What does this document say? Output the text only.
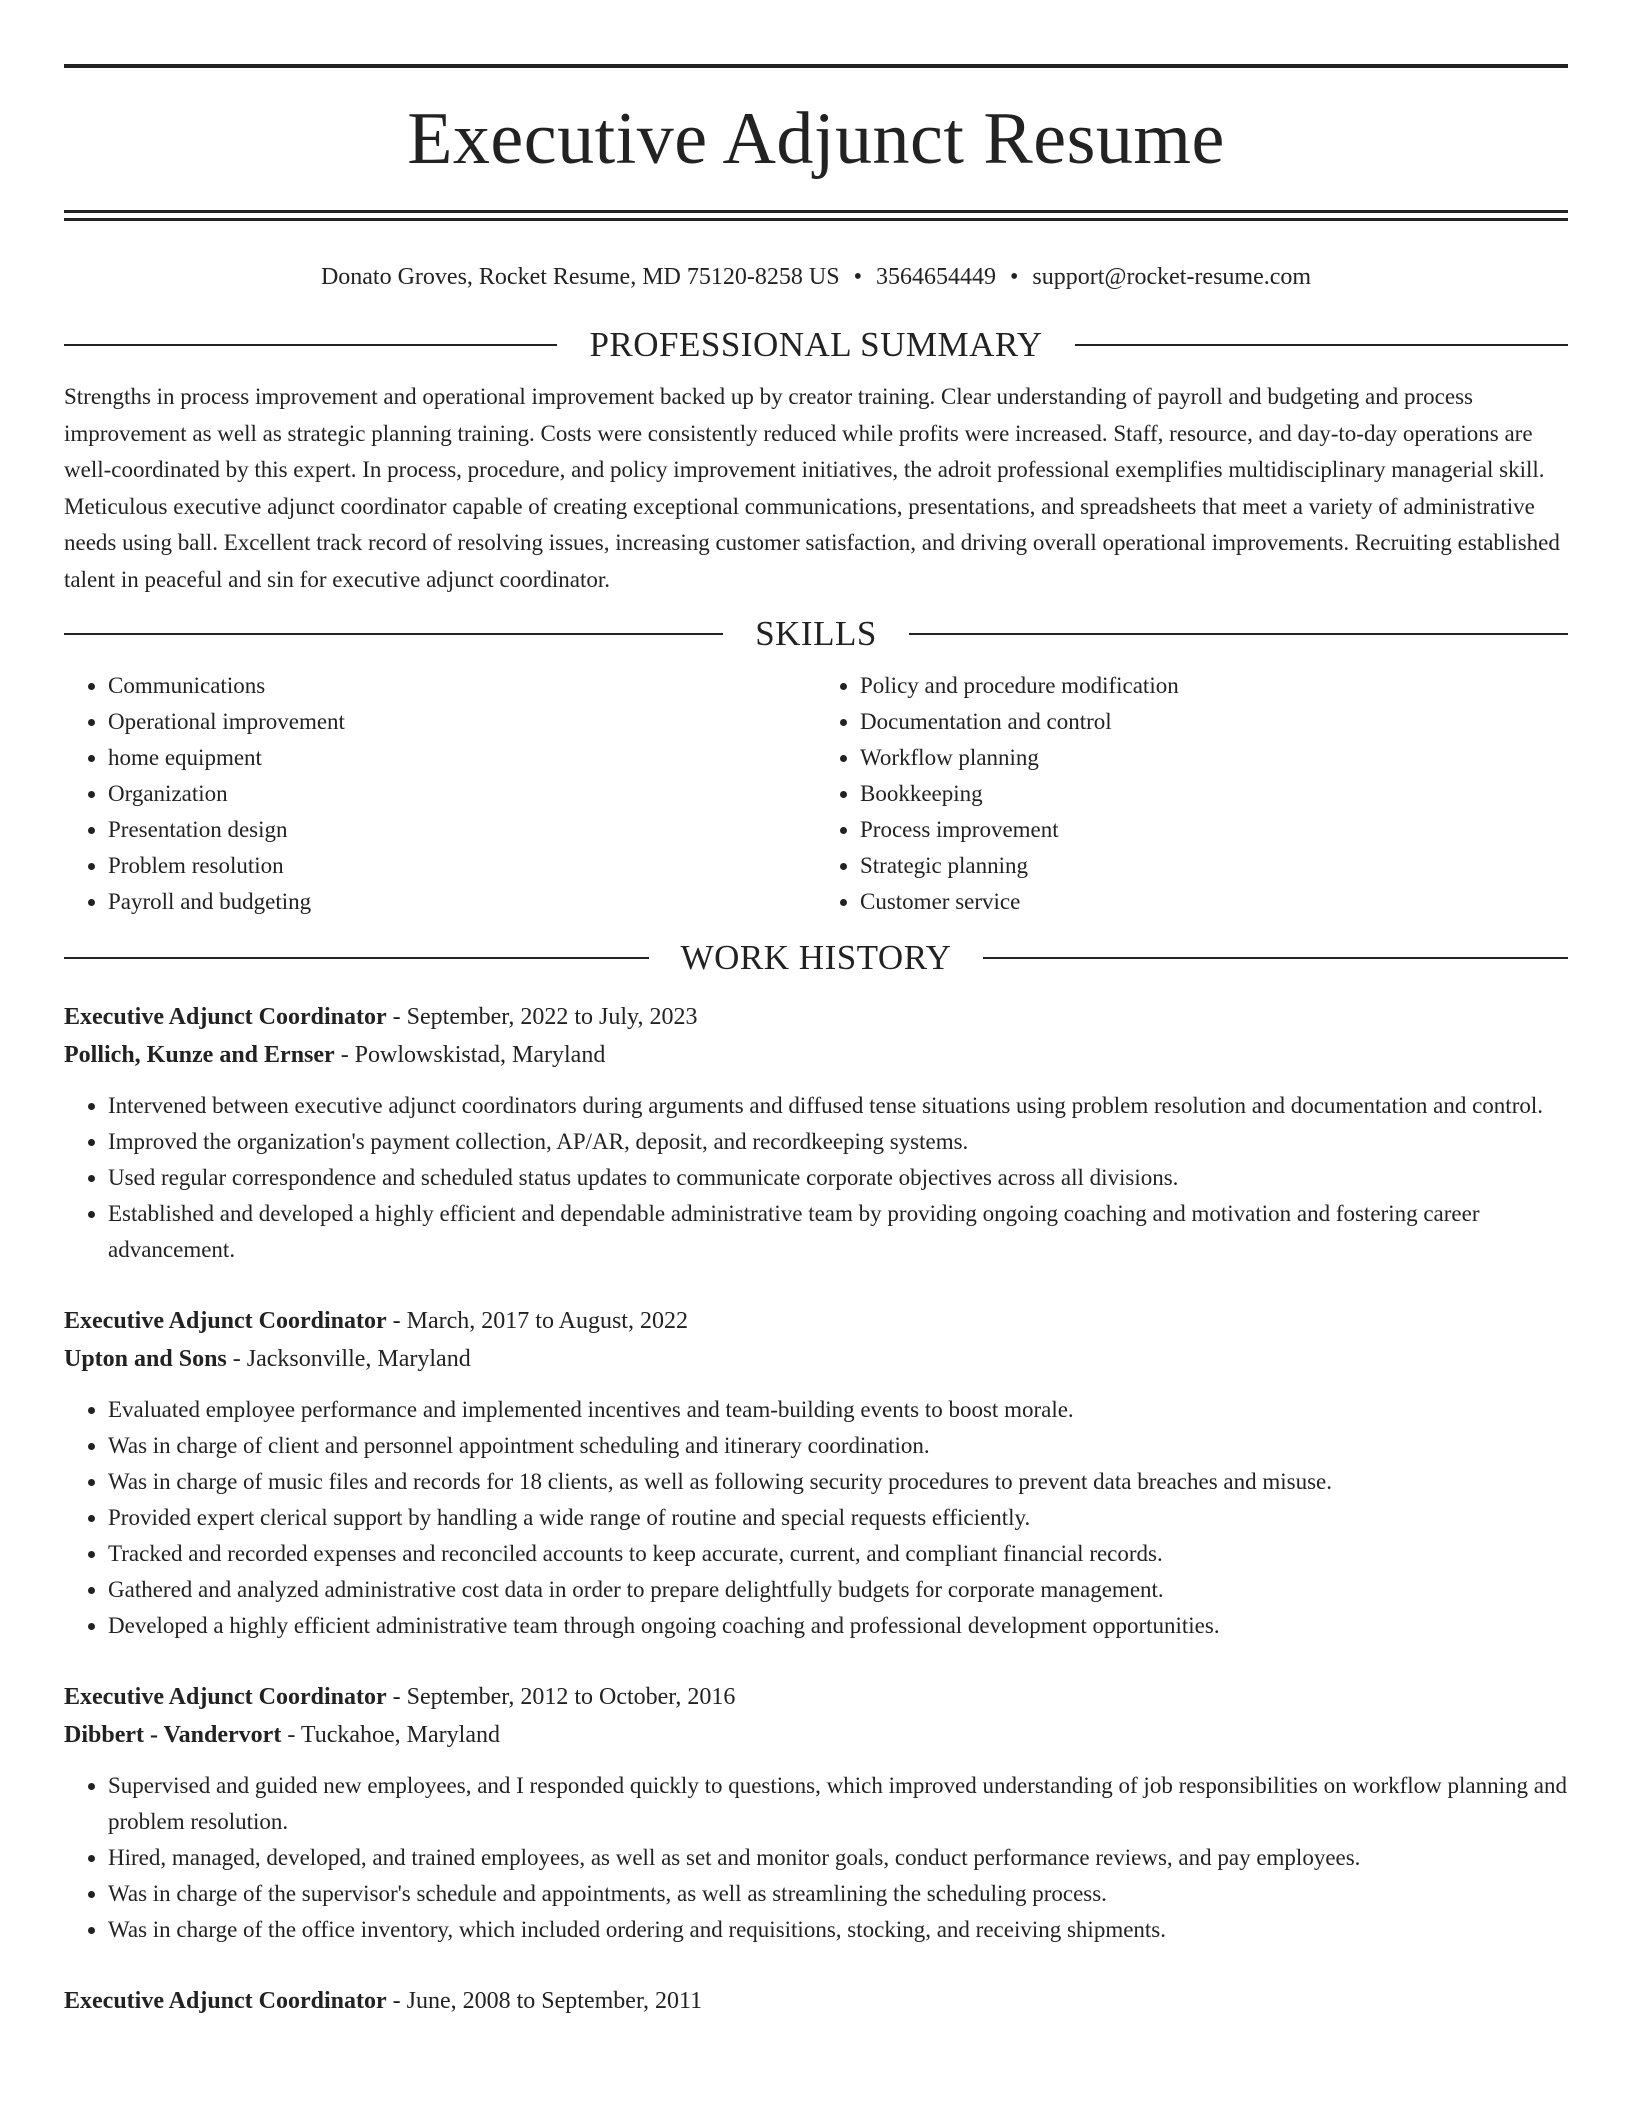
Executive Adjunct Resume
Donato Groves, Rocket Resume, MD 75120-8258 US • 3564654449 • support@rocket-resume.com
PROFESSIONAL SUMMARY
Strengths in process improvement and operational improvement backed up by creator training. Clear understanding of payroll and budgeting and process improvement as well as strategic planning training. Costs were consistently reduced while profits were increased. Staff, resource, and day-to-day operations are well-coordinated by this expert. In process, procedure, and policy improvement initiatives, the adroit professional exemplifies multidisciplinary managerial skill. Meticulous executive adjunct coordinator capable of creating exceptional communications, presentations, and spreadsheets that meet a variety of administrative needs using ball. Excellent track record of resolving issues, increasing customer satisfaction, and driving overall operational improvements. Recruiting established talent in peaceful and sin for executive adjunct coordinator.
SKILLS
• Communications
• Operational improvement
• home equipment
• Organization
• Presentation design
• Problem resolution
• Payroll and budgeting
• Policy and procedure modification
• Documentation and control
• Workflow planning
• Bookkeeping
• Process improvement
• Strategic planning
• Customer service
WORK HISTORY
Executive Adjunct Coordinator - September, 2022 to July, 2023
Pollich, Kunze and Ernser - Powlowskistad, Maryland
• Intervened between executive adjunct coordinators during arguments and diffused tense situations using problem resolution and documentation and control.
• Improved the organization's payment collection, AP/AR, deposit, and recordkeeping systems.
• Used regular correspondence and scheduled status updates to communicate corporate objectives across all divisions.
• Established and developed a highly efficient and dependable administrative team by providing ongoing coaching and motivation and fostering career advancement.
Executive Adjunct Coordinator - March, 2017 to August, 2022
Upton and Sons - Jacksonville, Maryland
• Evaluated employee performance and implemented incentives and team-building events to boost morale.
• Was in charge of client and personnel appointment scheduling and itinerary coordination.
• Was in charge of music files and records for 18 clients, as well as following security procedures to prevent data breaches and misuse.
• Provided expert clerical support by handling a wide range of routine and special requests efficiently.
• Tracked and recorded expenses and reconciled accounts to keep accurate, current, and compliant financial records.
• Gathered and analyzed administrative cost data in order to prepare delightfully budgets for corporate management.
• Developed a highly efficient administrative team through ongoing coaching and professional development opportunities.
Executive Adjunct Coordinator - September, 2012 to October, 2016
Dibbert - Vandervort - Tuckahoe, Maryland
• Supervised and guided new employees, and I responded quickly to questions, which improved understanding of job responsibilities on workflow planning and problem resolution.
• Hired, managed, developed, and trained employees, as well as set and monitor goals, conduct performance reviews, and pay employees.
• Was in charge of the supervisor's schedule and appointments, as well as streamlining the scheduling process.
• Was in charge of the office inventory, which included ordering and requisitions, stocking, and receiving shipments.
Executive Adjunct Coordinator - June, 2008 to September, 2011
